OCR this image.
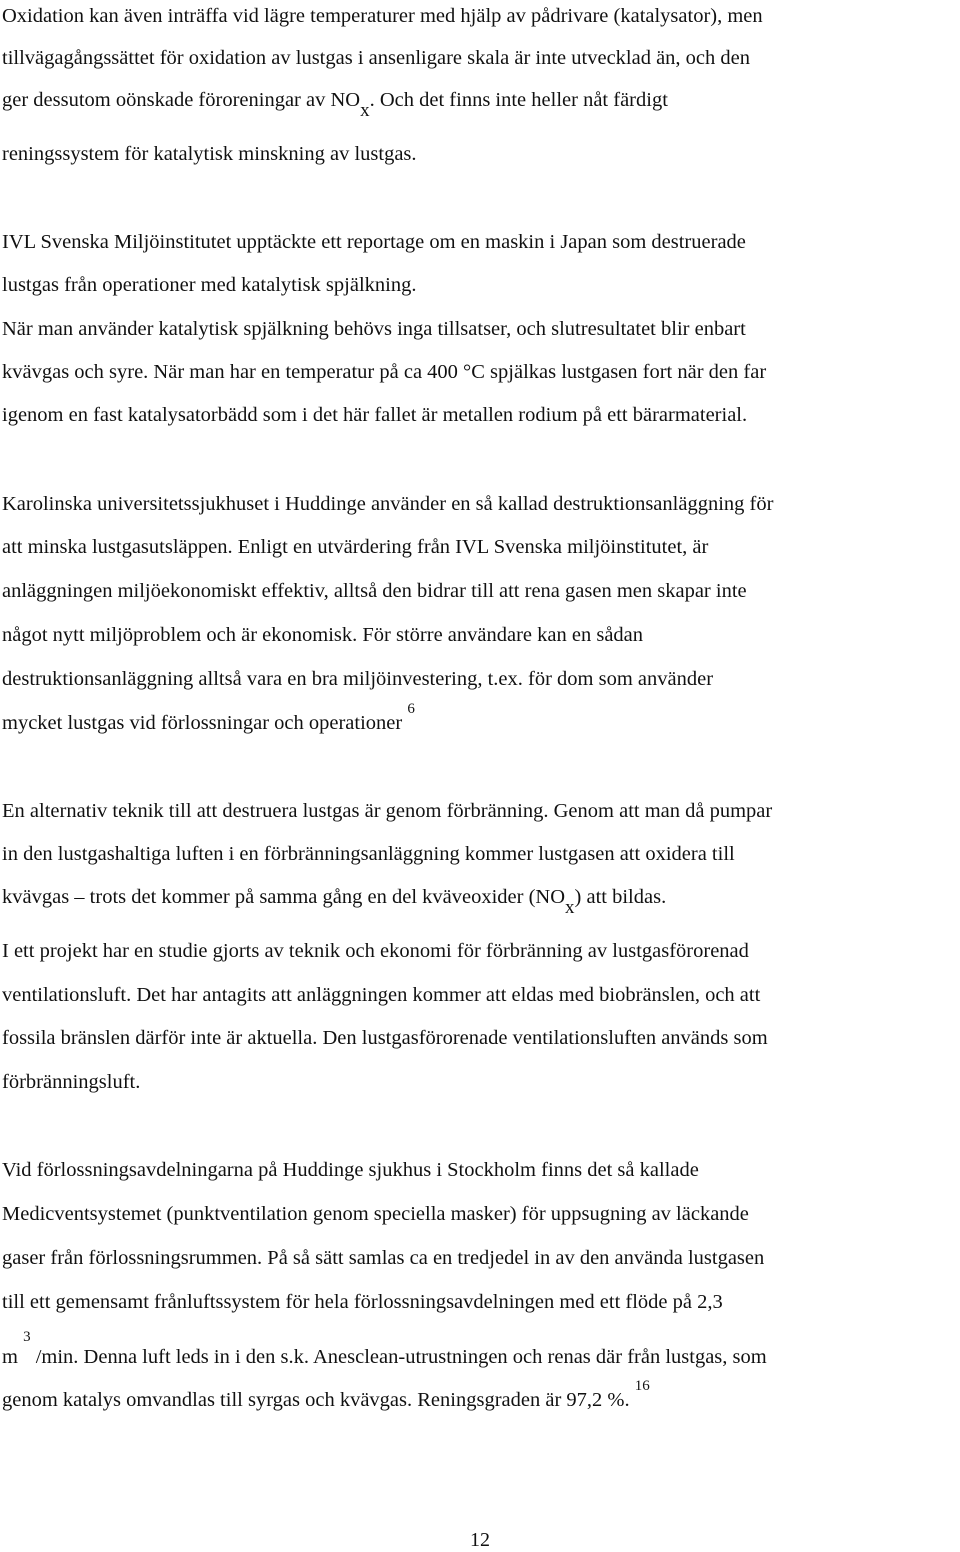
Oxidation kan även inträffa vid lägre temperaturer med hjälp av pådrivare (katalysator), men
tillvägagångssättet för oxidation av lustgas i ansenligare skala är inte utvecklad än, och den
ger dessutom oönskade föroreningar av NOx. Och det finns inte heller nåt färdigt
reningssystem för katalytisk minskning av lustgas.
IVL Svenska Miljöinstitutet upptäckte ett reportage om en maskin i Japan som destruerade
lustgas från operationer med katalytisk spjälkning.
När man använder katalytisk spjälkning behövs inga tillsatser, och slutresultatet blir enbart
kvävgas och syre. När man har en temperatur på ca 400 °C spjälkas lustgasen fort när den far
igenom en fast katalysatorbädd som i det här fallet är metallen rodium på ett bärarmaterial.
Karolinska universitetssjukhuset i Huddinge använder en så kallad destruktionsanläggning för
att minska lustgasutsläppen. Enligt en utvärdering från IVL Svenska miljöinstitutet, är
anläggningen miljöekonomiskt effektiv, alltså den bidrar till att rena gasen men skapar inte
något nytt miljöproblem och är ekonomisk. För större användare kan en sådan
destruktionsanläggning alltså vara en bra miljöinvestering, t.ex. för dom som använder
mycket lustgas vid förlossningar och operationer $^6$
En alternativ teknik till att destruera lustgas är genom förbränning. Genom att man då pumpar
in den lustgashaltiga luften i en förbränningsanläggning kommer lustgasen att oxidera till
kvävgas – trots det kommer på samma gång en del kväveoxider (NOx) att bildas.
I ett projekt har en studie gjorts av teknik och ekonomi för förbränning av lustgasförorenad
ventilationsluft. Det har antagits att anläggningen kommer att eldas med biobränslen, och att
fossila bränslen därför inte är aktuella. Den lustgasförorenade ventilationsluften används som
förbränningsluft.
Vid förlossningsavdelningarna på Huddinge sjukhus i Stockholm finns det så kallade
Medicventsystemet (punktventilation genom speciella masker) för uppsugning av läckande
gaser från förlossningsrummen. På så sätt samlas ca en tredjedel in av den använda lustgasen
till ett gemensamt frånluftssystem för hela förlossningsavdelningen med ett flöde på 2,3
m $^3$ /min. Denna luft leds in i den s.k. Anesclean-utrustningen och renas där från lustgas, som
genom katalys omvandlas till syrgas och kvävgas. Reningsgraden är 97,2 %. $^{16}$
12
